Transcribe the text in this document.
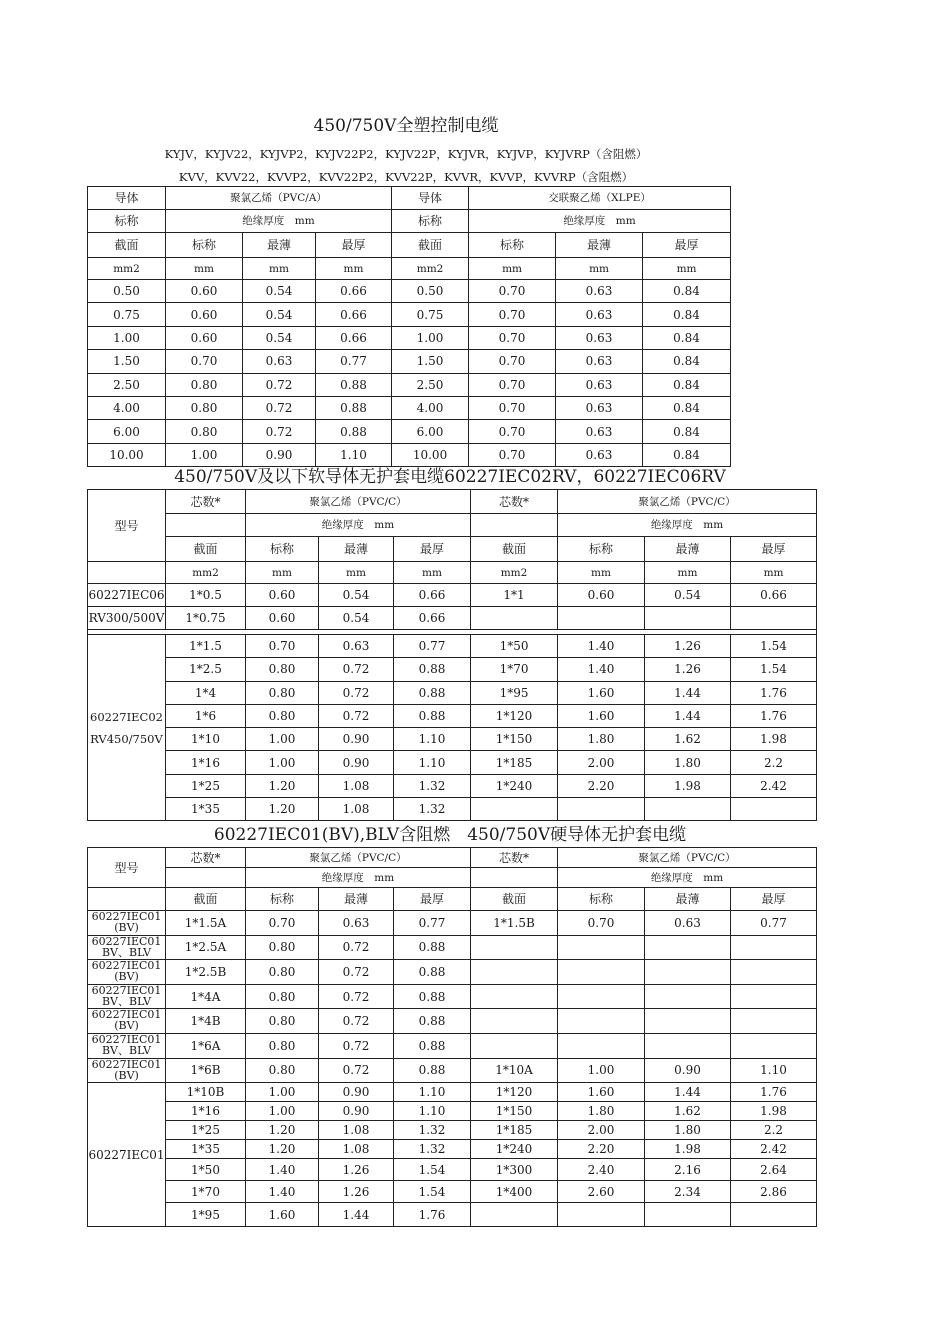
450/750V全塑控制电缆
KYJV，KYJV22，KYJVP2，KYJV22P2，KYJV22P，KYJVR，KYJVP，KYJVRP（含阻燃）
KVV，KVV22，KVVP2，KVV22P2，KVV22P，KVVR，KVVP，KVVRP（含阻燃）
导体	聚氯乙烯（PVC/A）			导体	交联聚乙烯（XLPE）		
标称	绝缘厚度　mm			标称	绝缘厚度　mm		
截面	标称	最薄	最厚	截面	标称	最薄	最厚
mm2	mm	mm	mm	mm2	mm	mm	mm
0.50	0.60	0.54	0.66	0.50	0.70	0.63	0.84
0.75	0.60	0.54	0.66	0.75	0.70	0.63	0.84
1.00	0.60	0.54	0.66	1.00	0.70	0.63	0.84
1.50	0.70	0.63	0.77	1.50	0.70	0.63	0.84
2.50	0.80	0.72	0.88	2.50	0.70	0.63	0.84
4.00	0.80	0.72	0.88	4.00	0.70	0.63	0.84
6.00	0.80	0.72	0.88	6.00	0.70	0.63	0.84
10.00	1.00	0.90	1.10	10.00	0.70	0.63	0.84
450/750V及以下软导体无护套电缆60227IEC02RV，60227IEC06RV
型号	芯数*	聚氯乙烯（PVC/C）			芯数*	聚氯乙烯（PVC/C）		
		绝缘厚度　mm				绝缘厚度　mm		
	截面	标称	最薄	最厚	截面	标称	最薄	最厚
	mm2	mm	mm	mm	mm2	mm	mm	mm
60227IEC06	1*0.5	0.60	0.54	0.66	1*1	0.60	0.54	0.66
RV300/500V	1*0.75	0.60	0.54	0.66				

60227IEC02
RV450/750V	1*1.5	0.70	0.63	0.77	1*50	1.40	1.26	1.54
	1*2.5	0.80	0.72	0.88	1*70	1.40	1.26	1.54
	1*4	0.80	0.72	0.88	1*95	1.60	1.44	1.76
	1*6	0.80	0.72	0.88	1*120	1.60	1.44	1.76
	1*10	1.00	0.90	1.10	1*150	1.80	1.62	1.98
	1*16	1.00	0.90	1.10	1*185	2.00	1.80	2.2
	1*25	1.20	1.08	1.32	1*240	2.20	1.98	2.42
	1*35	1.20	1.08	1.32				
60227IEC01(BV),BLV含阻燃　450/750V硬导体无护套电缆
型号	芯数*	聚氯乙烯（PVC/C）			芯数*	聚氯乙烯（PVC/C）		
		绝缘厚度　mm				绝缘厚度　mm		
	截面	标称	最薄	最厚	截面	标称	最薄	最厚
60227IEC01 (BV)	1*1.5A	0.70	0.63	0.77	1*1.5B	0.70	0.63	0.77
60227IEC01 BV、BLV	1*2.5A	0.80	0.72	0.88				
60227IEC01 (BV)	1*2.5B	0.80	0.72	0.88				
60227IEC01 BV、BLV	1*4A	0.80	0.72	0.88				
60227IEC01 (BV)	1*4B	0.80	0.72	0.88				
60227IEC01 BV、BLV	1*6A	0.80	0.72	0.88				
60227IEC01 (BV)	1*6B	0.80	0.72	0.88	1*10A	1.00	0.90	1.10
60227IEC01	1*10B	1.00	0.90	1.10	1*120	1.60	1.44	1.76
	1*16	1.00	0.90	1.10	1*150	1.80	1.62	1.98
	1*25	1.20	1.08	1.32	1*185	2.00	1.80	2.2
	1*35	1.20	1.08	1.32	1*240	2.20	1.98	2.42
	1*50	1.40	1.26	1.54	1*300	2.40	2.16	2.64
	1*70	1.40	1.26	1.54	1*400	2.60	2.34	2.86
	1*95	1.60	1.44	1.76				
